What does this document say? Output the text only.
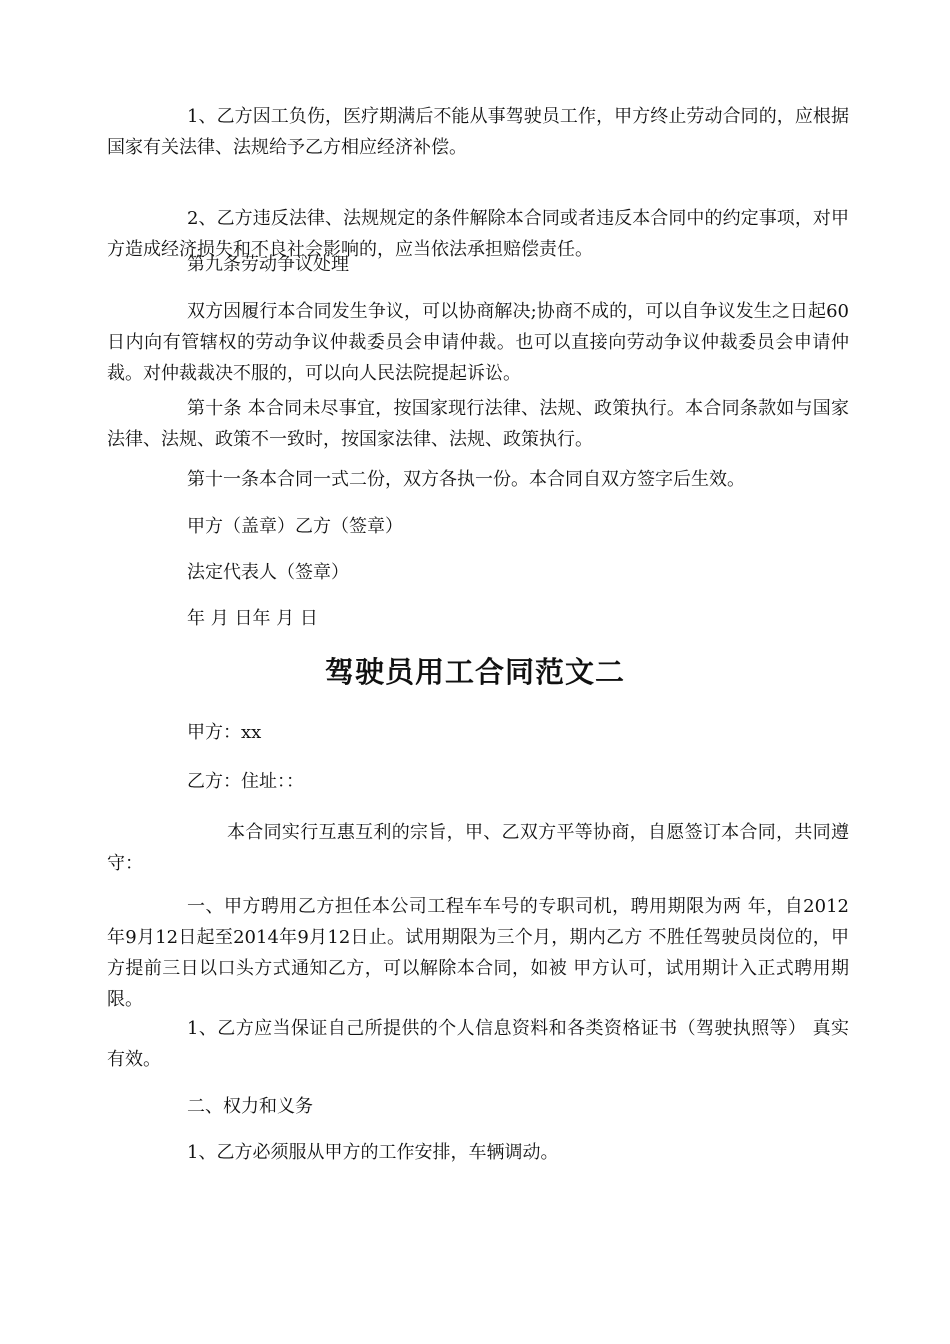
1、乙方因工负伤，医疗期满后不能从事驾驶员工作，甲方终止劳动合同的，应根据国家有关法律、法规给予乙方相应经济补偿。

2、乙方违反法律、法规规定的条件解除本合同或者违反本合同中的约定事项，对甲方造成经济损失和不良社会影响的，应当依法承担赔偿责任。

第九条劳动争议处理

双方因履行本合同发生争议，可以协商解决;协商不成的，可以自争议发生之日起60日内向有管辖权的劳动争议仲裁委员会申请仲裁。也可以直接向劳动争议仲裁委员会申请仲裁。对仲裁裁决不服的，可以向人民法院提起诉讼。

第十条 本合同未尽事宜，按国家现行法律、法规、政策执行。本合同条款如与国家法律、法规、政策不一致时，按国家法律、法规、政策执行。

第十一条本合同一式二份，双方各执一份。本合同自双方签字后生效。

甲方（盖章）乙方（签章）

法定代表人（签章）

年 月 日年 月 日

驾驶员用工合同范文二

甲方：xx

乙方：住址：：

本合同实行互惠互利的宗旨，甲、乙双方平等协商，自愿签订本合同，共同遵守：

一、甲方聘用乙方担任本公司工程车车号的专职司机，聘用期限为两 年，自2012年9月12日起至2014年9月12日止。试用期限为三个月，期内乙方 不胜任驾驶员岗位的，甲方提前三日以口头方式通知乙方，可以解除本合同，如被 甲方认可，试用期计入正式聘用期限。

1、乙方应当保证自己所提供的个人信息资料和各类资格证书（驾驶执照等） 真实有效。

二、权力和义务

1、乙方必须服从甲方的工作安排，车辆调动。
